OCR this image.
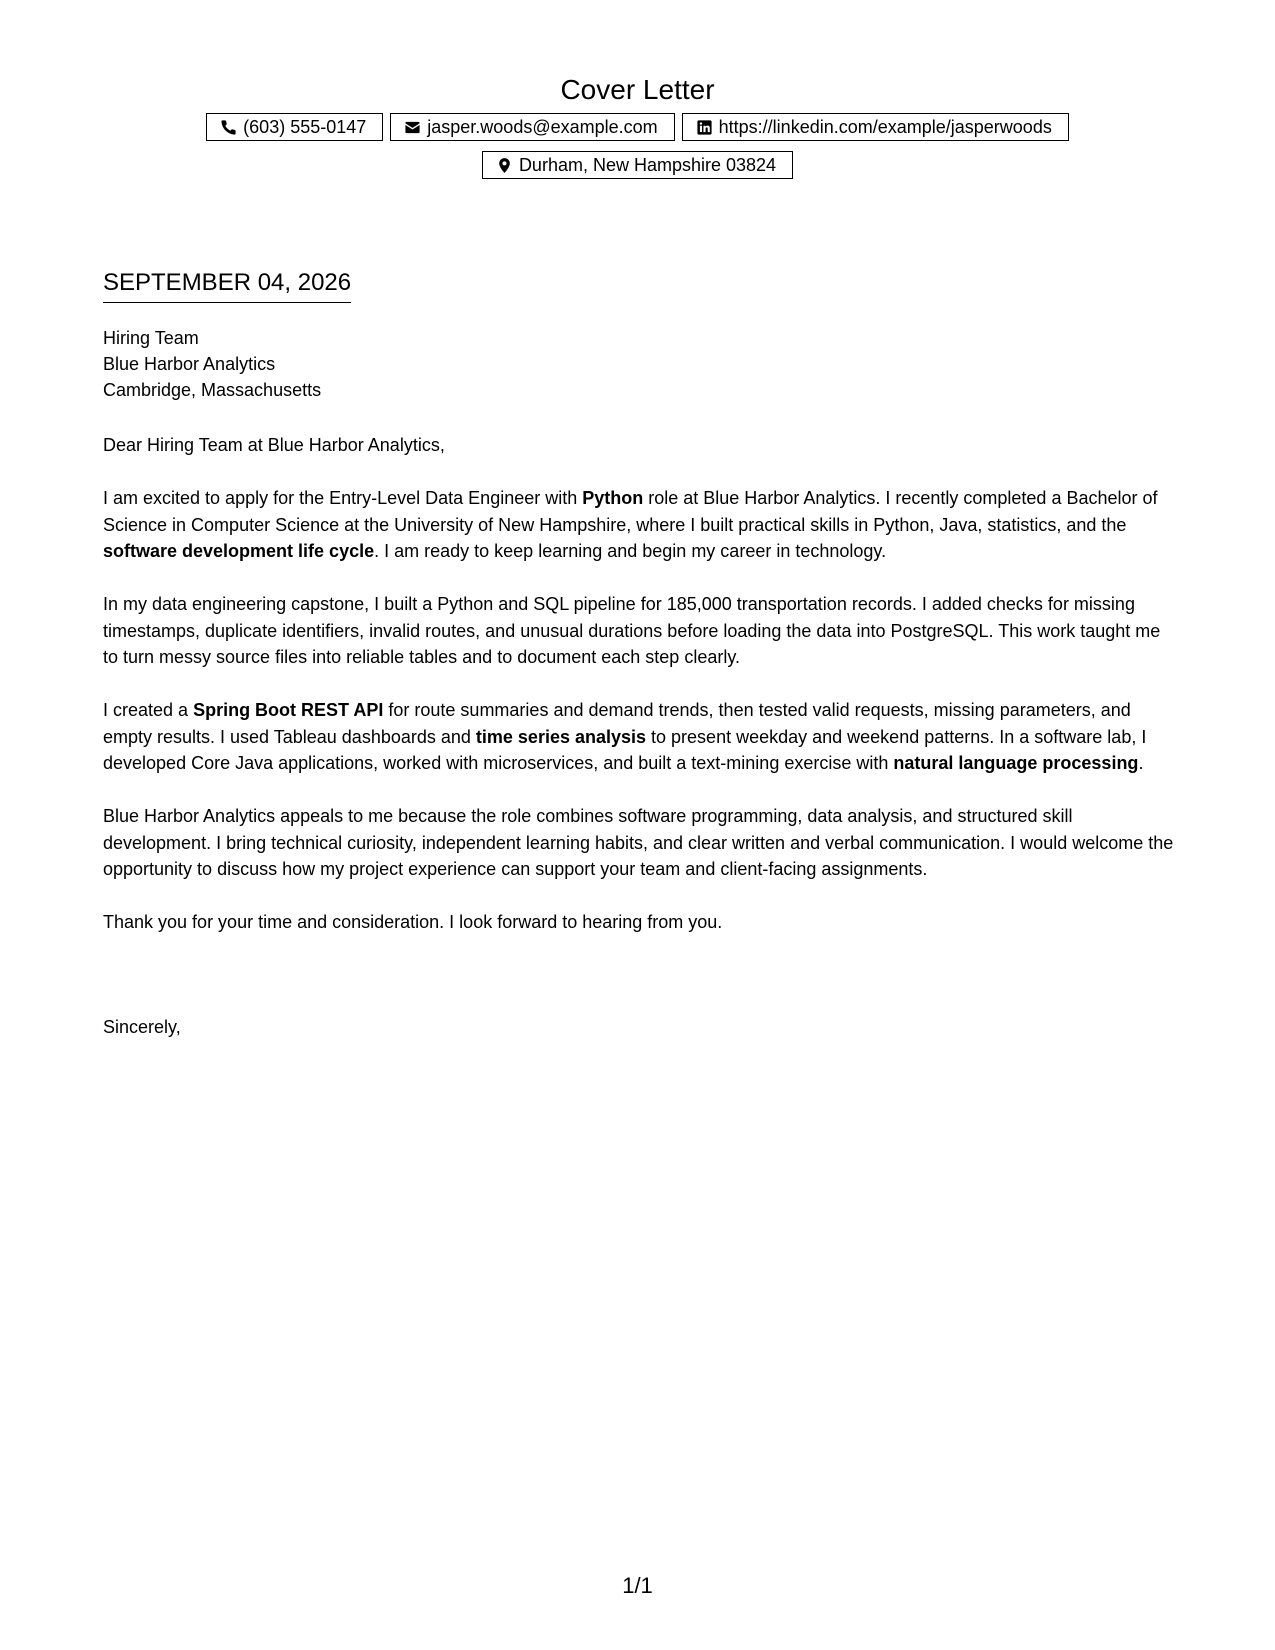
Cover Letter
(603) 555-0147	jasper.woods@example.com	https://linkedin.com/example/jasperwoods
Durham, New Hampshire 03824
SEPTEMBER 04, 2026
Hiring Team
Blue Harbor Analytics
Cambridge, Massachusetts

Dear Hiring Team at Blue Harbor Analytics,

I am excited to apply for the Entry-Level Data Engineer with Python role at Blue Harbor Analytics. I recently completed a Bachelor of Science in Computer Science at the University of New Hampshire, where I built practical skills in Python, Java, statistics, and the software development life cycle. I am ready to keep learning and begin my career in technology.

In my data engineering capstone, I built a Python and SQL pipeline for 185,000 transportation records. I added checks for missing timestamps, duplicate identifiers, invalid routes, and unusual durations before loading the data into PostgreSQL. This work taught me to turn messy source files into reliable tables and to document each step clearly.

I created a Spring Boot REST API for route summaries and demand trends, then tested valid requests, missing parameters, and empty results. I used Tableau dashboards and time series analysis to present weekday and weekend patterns. In a software lab, I developed Core Java applications, worked with microservices, and built a text-mining exercise with natural language processing.

Blue Harbor Analytics appeals to me because the role combines software programming, data analysis, and structured skill development. I bring technical curiosity, independent learning habits, and clear written and verbal communication. I would welcome the opportunity to discuss how my project experience can support your team and client-facing assignments.

Thank you for your time and consideration. I look forward to hearing from you.

Sincerely,
1/1
